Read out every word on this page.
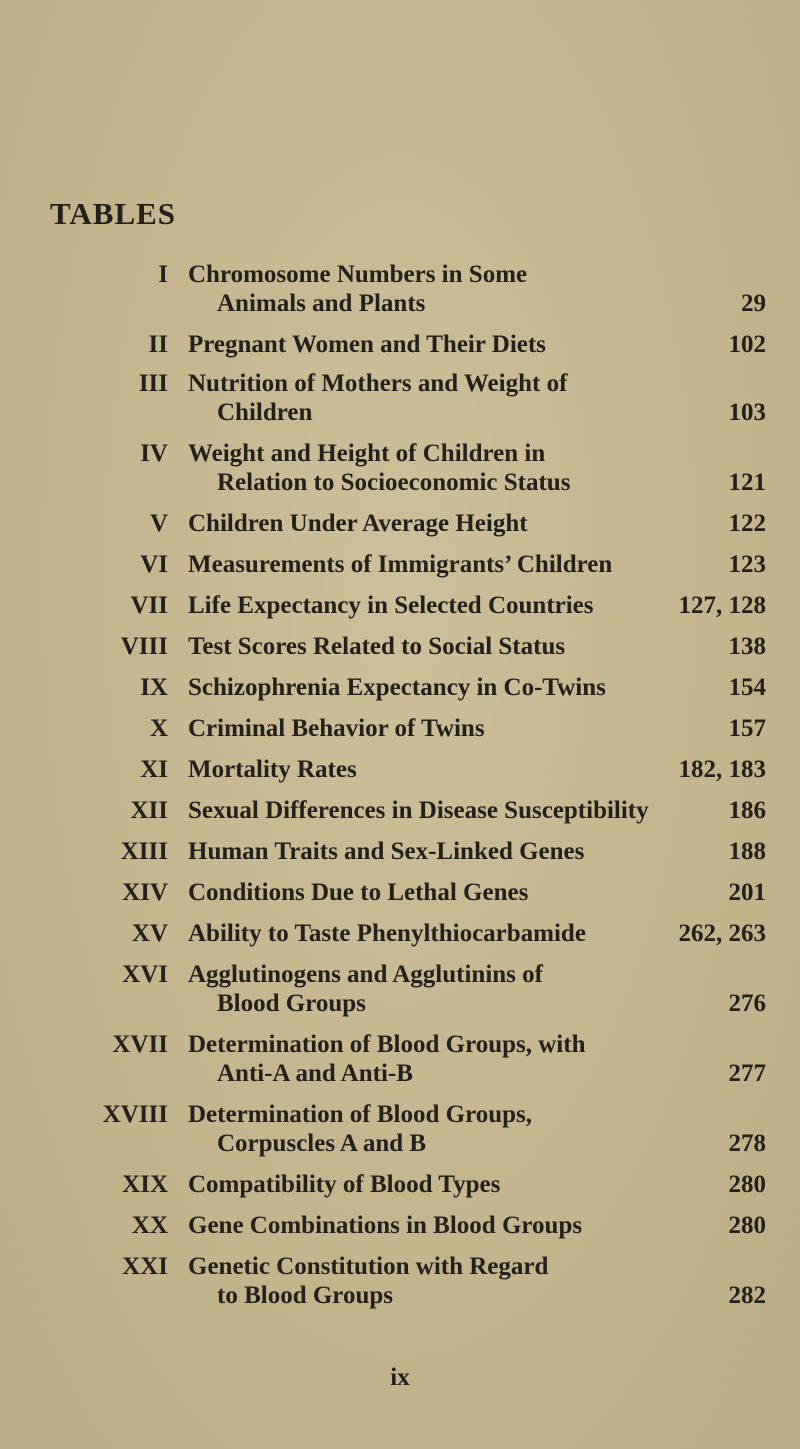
TABLES
I Chromosome Numbers in Some
Animals and Plants	29
II Pregnant Women and Their Diets	102
III Nutrition of Mothers and Weight of
Children	103
IV Weight and Height of Children in
Relation to Socioeconomic Status	121
V Children Under Average Height	122
VI Measurements of Immigrants’ Children	123
VII Life Expectancy in Selected Countries	127, 128
VIII Test Scores Related to Social Status	138
IX Schizophrenia Expectancy in Co-Twins	154
X Criminal Behavior of Twins	157
XI Mortality Rates	182, 183
XII Sexual Differences in Disease Susceptibility	186
XIII Human Traits and Sex-Linked Genes	188
XIV Conditions Due to Lethal Genes	201
XV Ability to Taste Phenylthiocarbamide	262, 263
XVI Agglutinogens and Agglutinins of
Blood Groups	276
XVII Determination of Blood Groups, with
Anti-A and Anti-B	277
XVIII Determination of Blood Groups,
Corpuscles A and B	278
XIX Compatibility of Blood Types	280
XX Gene Combinations in Blood Groups	280
XXI Genetic Constitution with Regard
to Blood Groups	282
ix
